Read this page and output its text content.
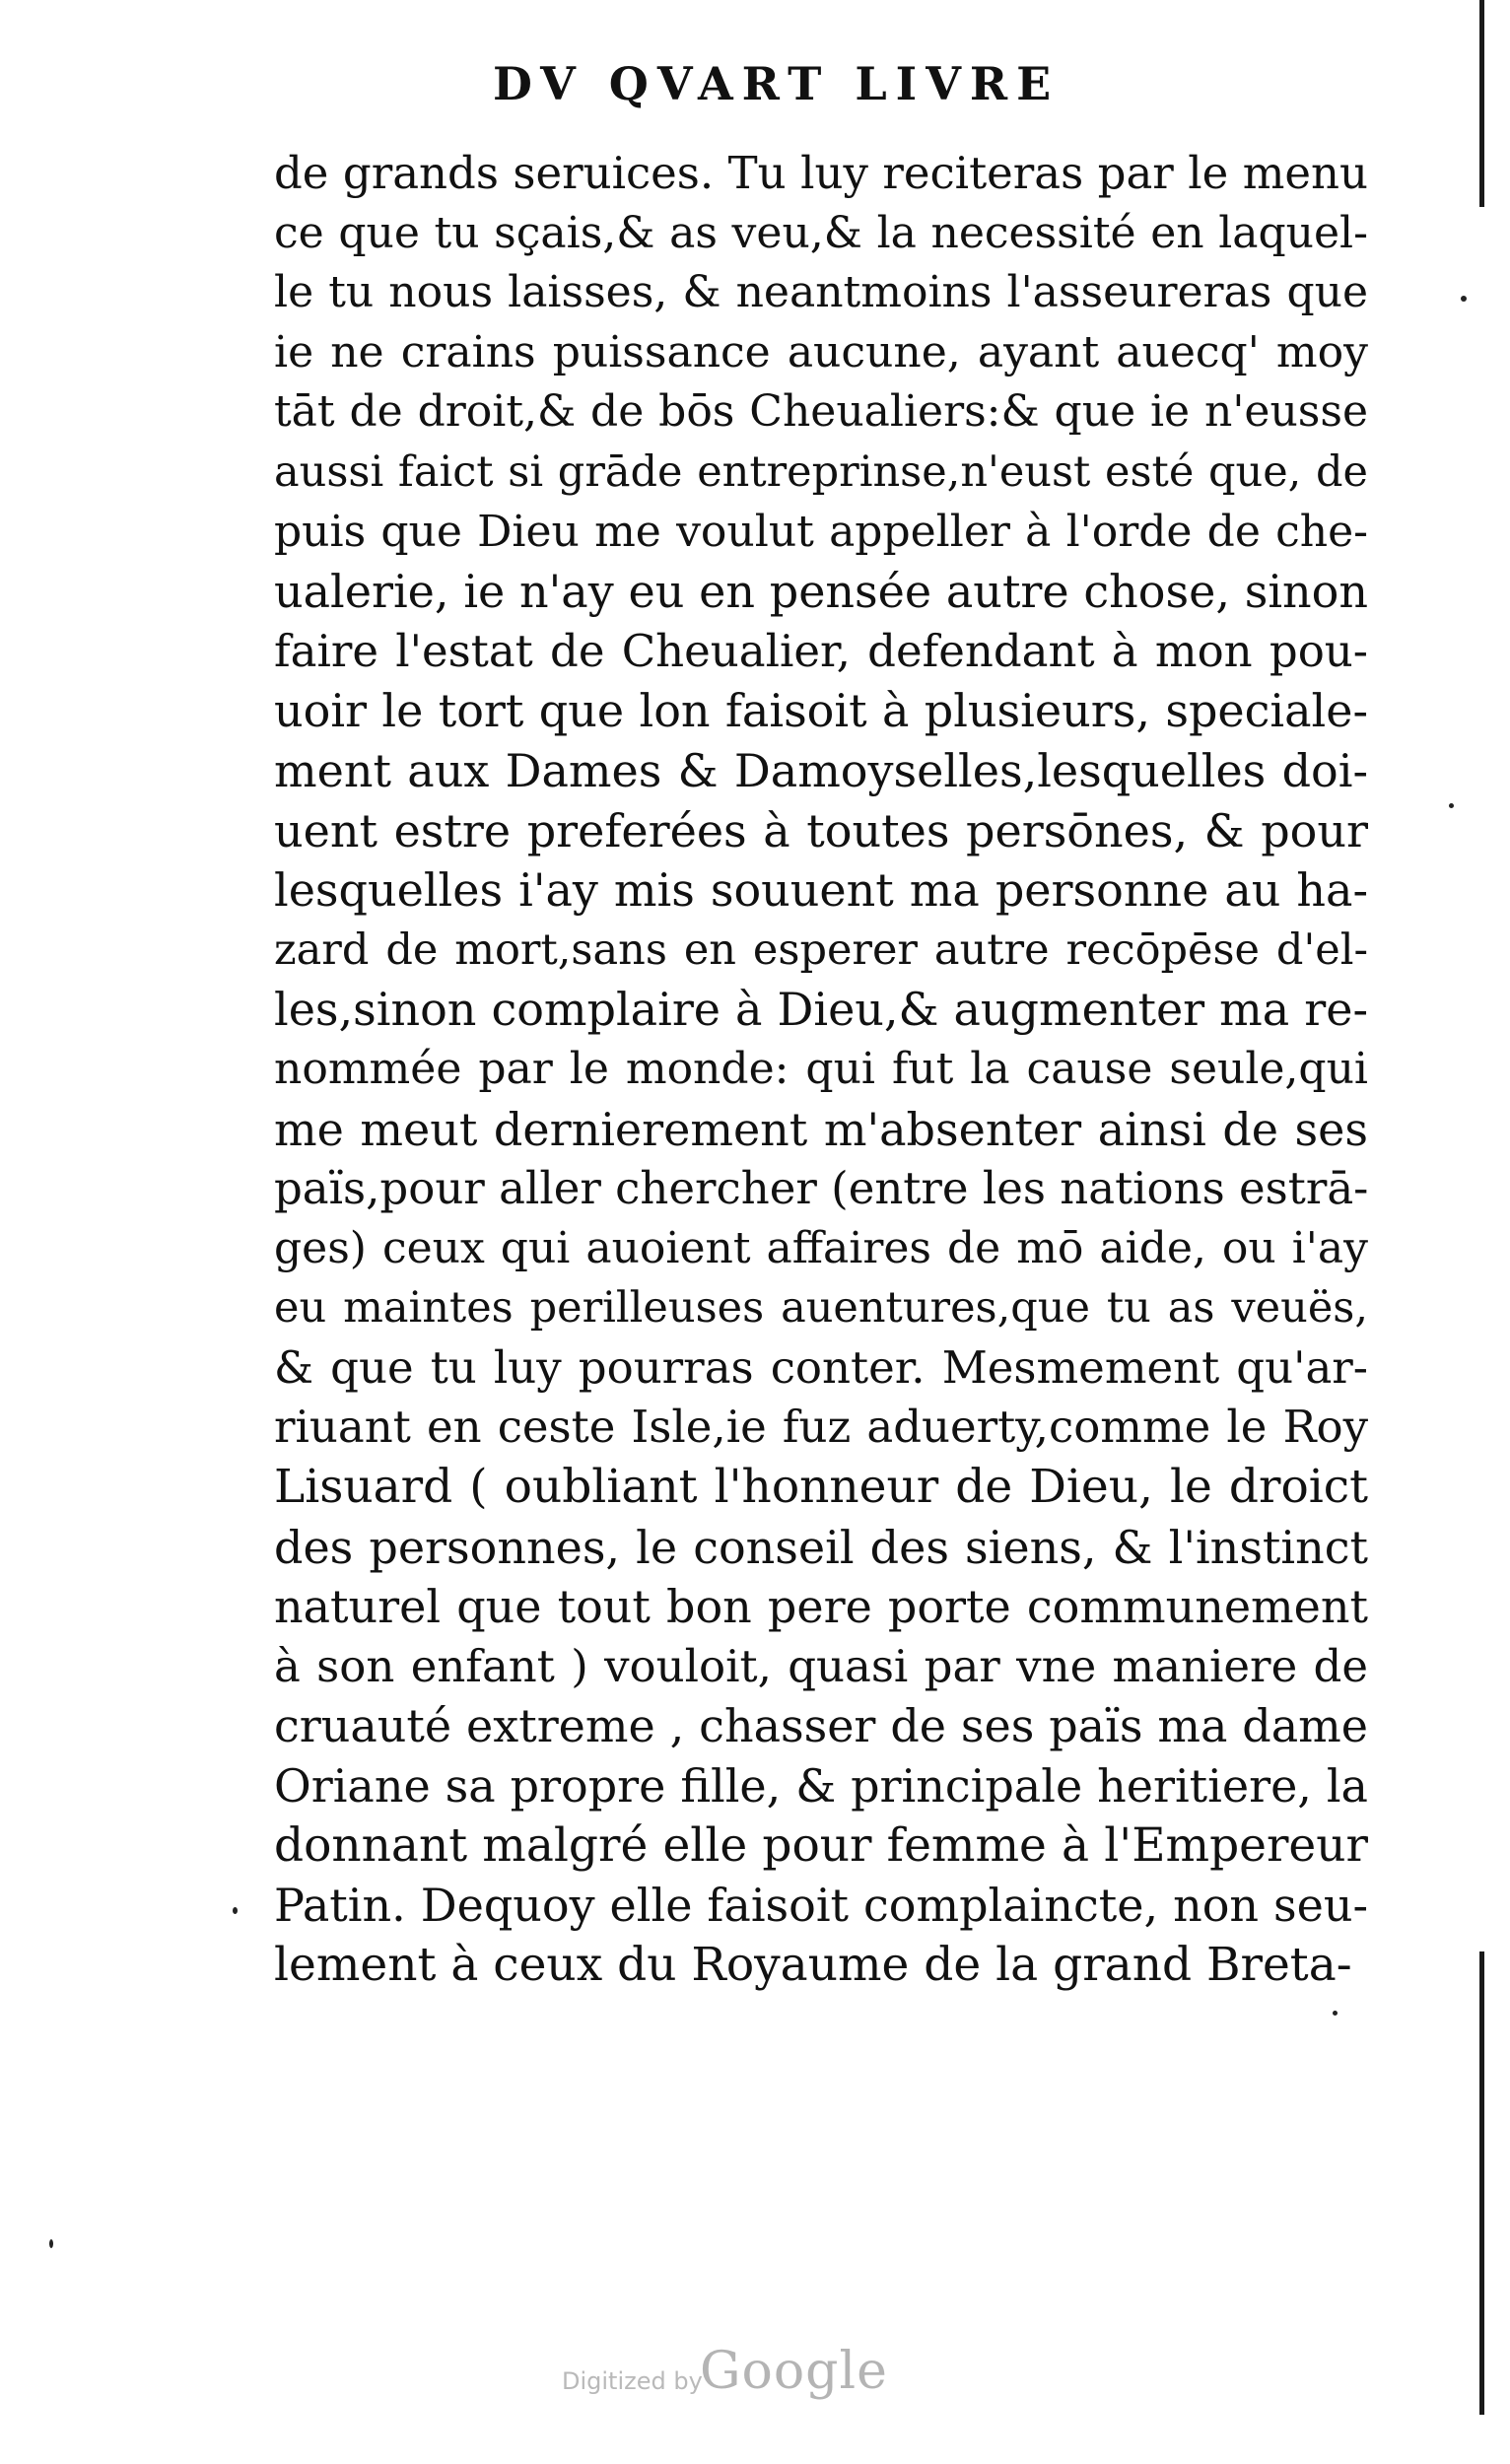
DV QVART LIVRE
de grands seruices. Tu luy reciteras par le menu
ce que tu sçais,& as veu,& la necessité en laquel-
le tu nous laisses, & neantmoins l'asseureras que
ie ne crains puissance aucune, ayant auecq' moy
tāt de droit,& de bōs Cheualiers:& que ie n'eusse
aussi faict si grāde entreprinse,n'eust esté que, de
puis que Dieu me voulut appeller à l'orde de che-
ualerie, ie n'ay eu en pensée autre chose, sinon
faire l'estat de Cheualier, defendant à mon pou-
uoir le tort que lon faisoit à plusieurs, speciale-
ment aux Dames & Damoyselles,lesquelles doi-
uent estre preferées à toutes persōnes, & pour
lesquelles i'ay mis souuent ma personne au ha-
zard de mort,sans en esperer autre recōpēse d'el-
les,sinon complaire à Dieu,& augmenter ma re-
nommée par le monde: qui fut la cause seule,qui
me meut dernierement m'absenter ainsi de ses
païs,pour aller chercher (entre les nations estrā-
ges) ceux qui auoient affaires de mō aide, ou i'ay
eu maintes perilleuses auentures,que tu as veuës,
& que tu luy pourras conter. Mesmement qu'ar-
riuant en ceste Isle,ie fuz aduerty,comme le Roy
Lisuard ( oubliant l'honneur de Dieu, le droict
des personnes, le conseil des siens, & l'instinct
naturel que tout bon pere porte communement
à son enfant ) vouloit, quasi par vne maniere de
cruauté extreme , chasser de ses païs ma dame
Oriane sa propre fille, & principale heritiere, la
donnant malgré elle pour femme à l'Empereur
Patin. Dequoy elle faisoit complaincte, non seu-
lement à ceux du Royaume de la grand Breta-
Digitized by
Google
